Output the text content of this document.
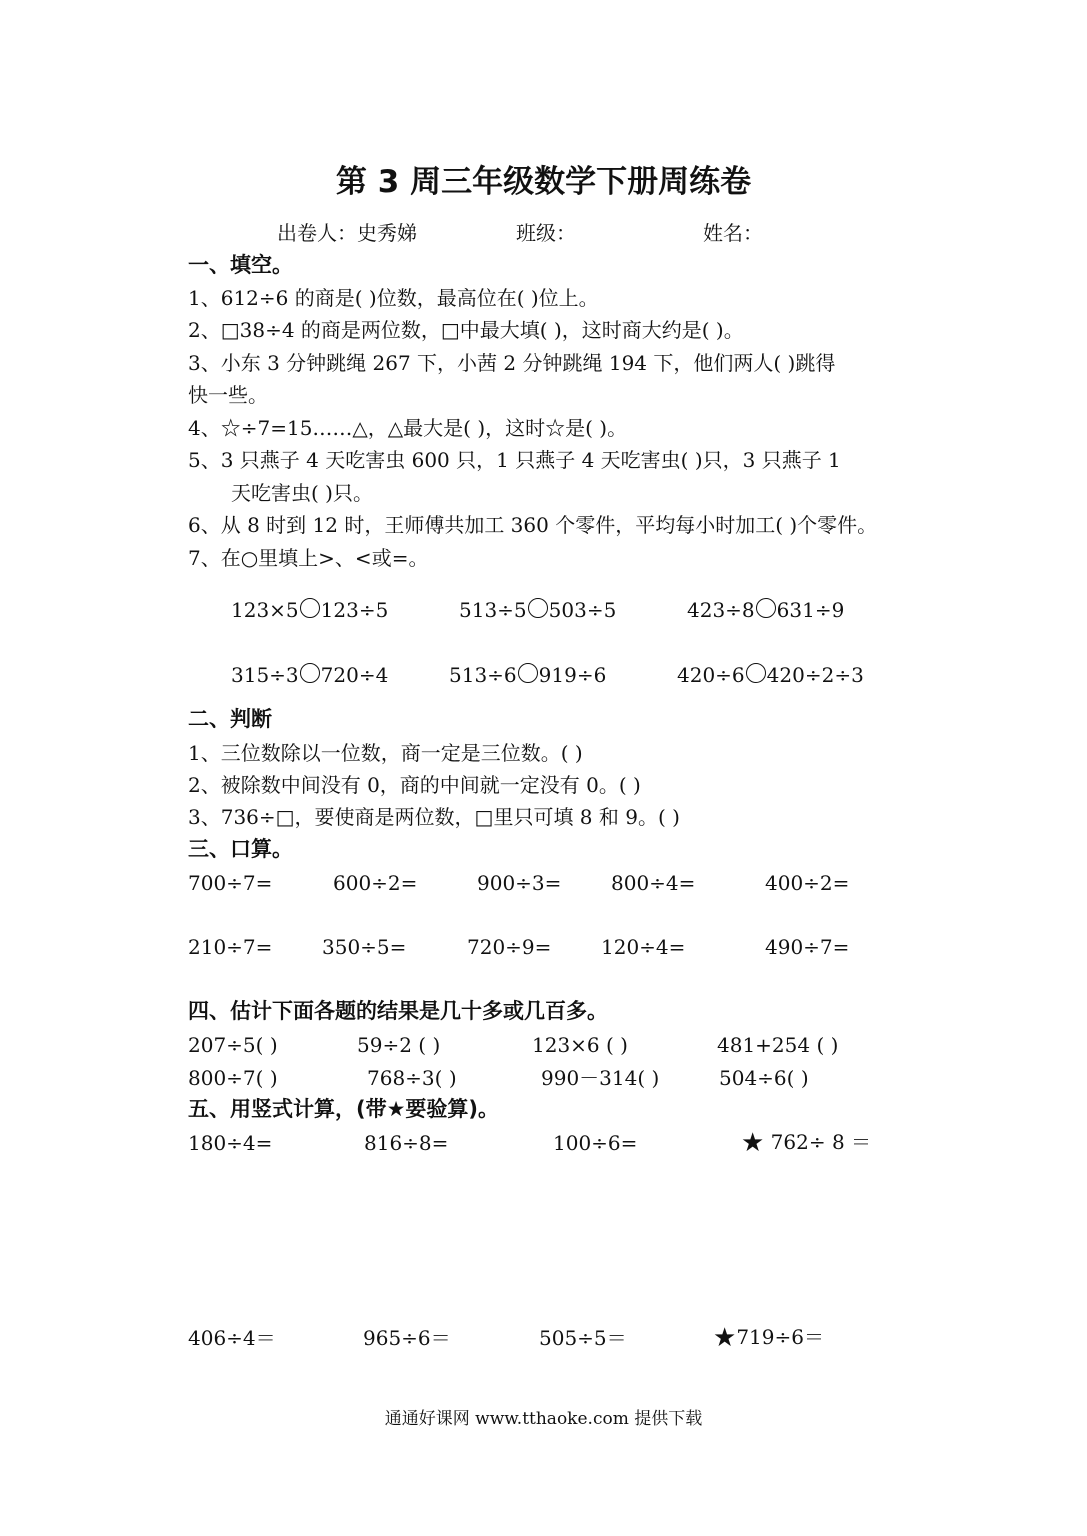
第 3 周三年级数学下册周练卷
出卷人：史秀娣	班级：	姓名：
一、填空。
1、612÷6 的商是( )位数，最高位在( )位上。
2、□38÷4 的商是两位数，□中最大填( )，这时商大约是( )。
3、小东 3 分钟跳绳 267 下，小茜 2 分钟跳绳 194 下，他们两人( )跳得
快一些。
4、☆÷7=15……△，△最大是( )，这时☆是( )。
5、3 只燕子 4 天吃害虫 600 只，1 只燕子 4 天吃害虫( )只，3 只燕子 1
天吃害虫( )只。
6、从 8 时到 12 时，王师傅共加工 360 个零件，平均每小时加工( )个零件。
7、在○里填上>、<或=。
123×5 123÷5	513÷5 503÷5	423÷8 631÷9
315÷3 720÷4	513÷6 919÷6	420÷6 420÷2÷3
二、判断
1、三位数除以一位数，商一定是三位数。( )
2、被除数中间没有 0，商的中间就一定没有 0。( )
3、736÷□，要使商是两位数，□里只可填 8 和 9。( )
三、口算。
700÷7=	600÷2=	900÷3= 800÷4=	400÷2=
210÷7= 350÷5=	720÷9= 120÷4=	490÷7=
四、估计下面各题的结果是几十多或几百多。
207÷5( )	59÷2 ( )	123×6 ( )	481+254 ( )
800÷7( )	768÷3( )	990－314( )	504÷6( )
五、用竖式计算，(带★要验算)。
180÷4=	816÷8=	100÷6=	★ 762÷ 8 ＝
406÷4＝	965÷6＝	505÷5＝	★719÷6＝
通通好课网 www.tthaoke.com 提供下载
